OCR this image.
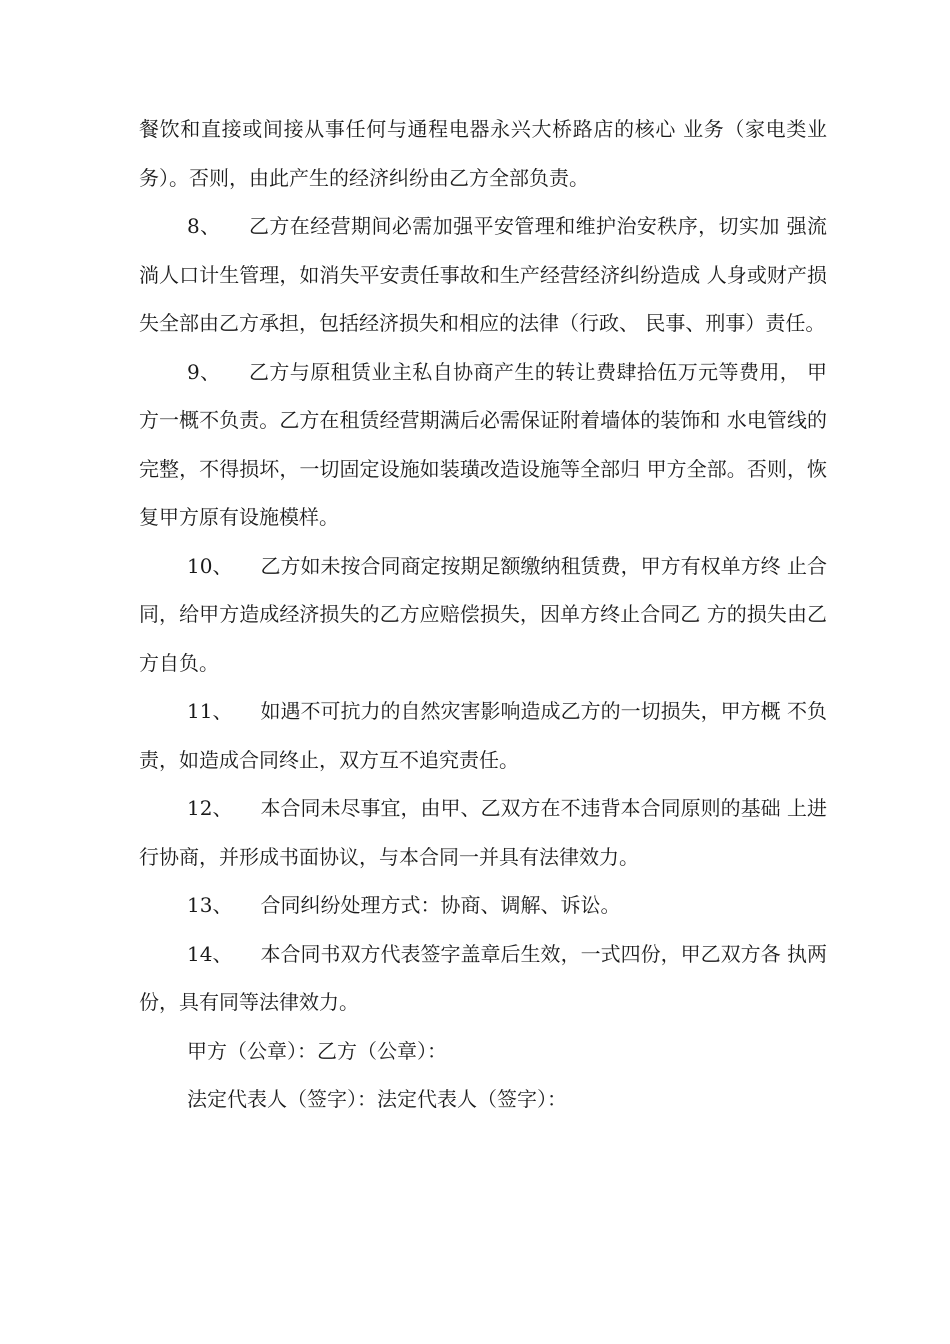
餐饮和直接或间接从事任何与通程电器永兴大桥路店的核心 业务（家电类业务）。否则，由此产生的经济纠纷由乙方全部负责。

8、 乙方在经营期间必需加强平安管理和维护治安秩序，切实加 强流淌人口计生管理，如消失平安责任事故和生产经营经济纠纷造成 人身或财产损失全部由乙方承担，包括经济损失和相应的法律（行政、 民事、刑事）责任。

9、 乙方与原租赁业主私自协商产生的转让费肆拾伍万元等费用， 甲方一概不负责。乙方在租赁经营期满后必需保证附着墙体的装饰和 水电管线的完整，不得损坏，一切固定设施如装璜改造设施等全部归 甲方全部。否则，恢复甲方原有设施模样。

10、 乙方如未按合同商定按期足额缴纳租赁费，甲方有权单方终 止合同，给甲方造成经济损失的乙方应赔偿损失，因单方终止合同乙 方的损失由乙方自负。

11、 如遇不可抗力的自然灾害影响造成乙方的一切损失，甲方概 不负责，如造成合同终止，双方互不追究责任。

12、 本合同未尽事宜，由甲、乙双方在不违背本合同原则的基础 上进行协商，并形成书面协议，与本合同一并具有法律效力。

13、 合同纠纷处理方式：协商、调解、诉讼。

14、 本合同书双方代表签字盖章后生效，一式四份，甲乙双方各 执两份，具有同等法律效力。

甲方（公章）：乙方（公章）：

法定代表人（签字）：法定代表人（签字）：
